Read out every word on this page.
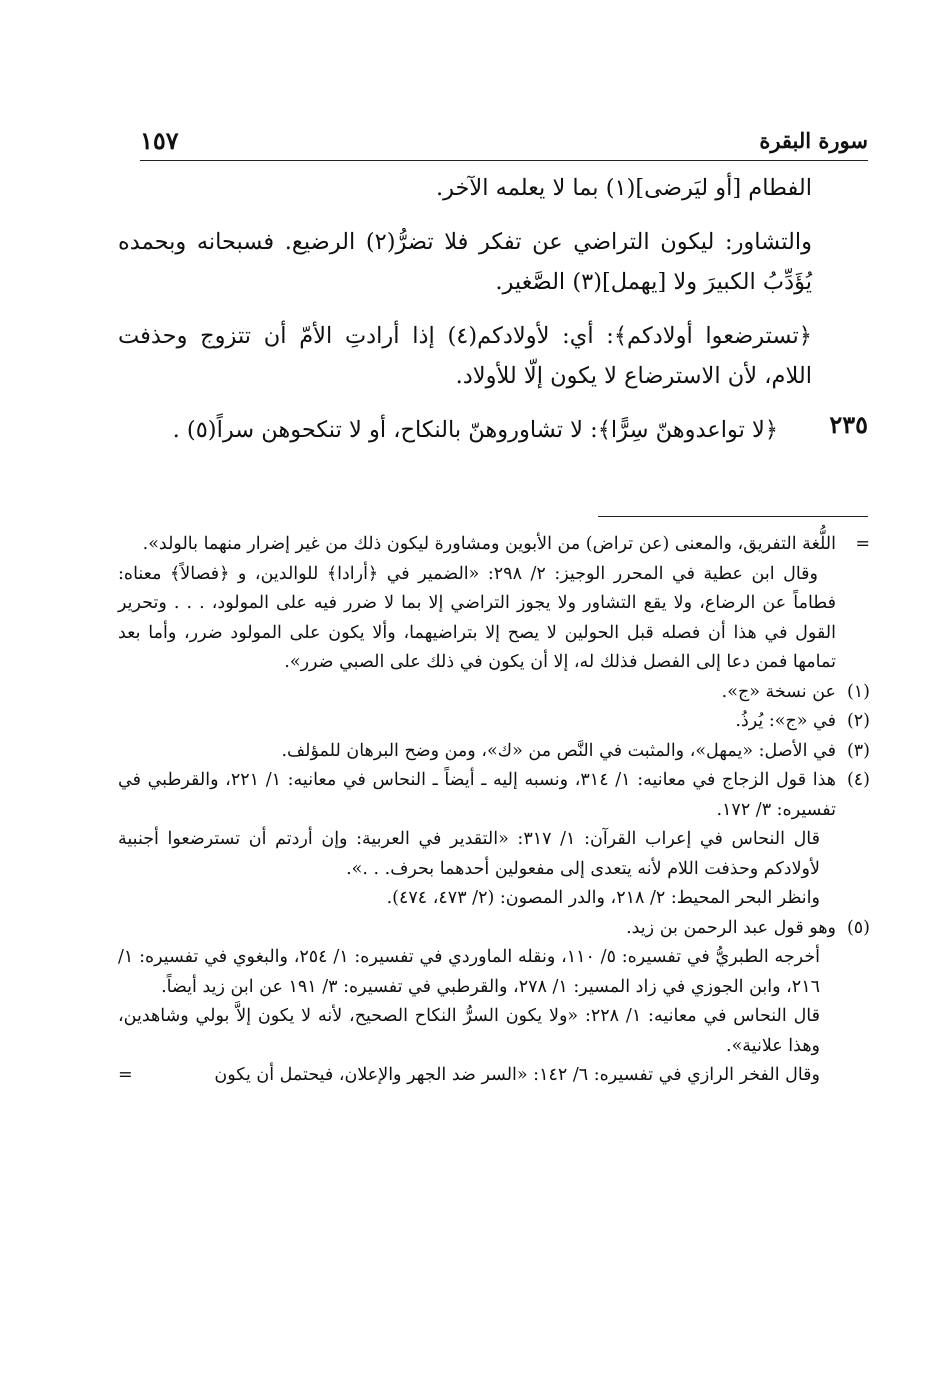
سورة البقرة
١٥٧

الفطام [أو ليَرضى](١) بما لا يعلمه الآخر.

والتشاور: ليكون التراضي عن تفكر فلا تضرُّ(٢) الرضيع. فسبحانه وبحمده يُؤَدِّبُ الكبيرَ ولا [يهمل](٣) الصَّغير.

﴿تسترضعوا أولادكم﴾: أي: لأولادكم(٤) إذا أرادتِ الأمّ أن تتزوج وحذفت اللام، لأن الاسترضاع لا يكون إلّا للأولاد.

٢٣٥

﴿لا تواعدوهنّ سِرًّا﴾: لا تشاوروهنّ بالنكاح، أو لا تنكحوهن سراً(٥) .

=
اللُّغة التفريق، والمعنى (عن تراض) من الأبوين ومشاورة ليكون ذلك من غير إضرار منهما بالولد».

وقال ابن عطية في المحرر الوجيز: ٢/ ٢٩٨: «الضمير في ﴿أرادا﴾ للوالدين، و ﴿فصالاً﴾ معناه: فطاماً عن الرضاع، ولا يقع التشاور ولا يجوز التراضي إلا بما لا ضرر فيه على المولود، . . . وتحرير القول في هذا أن فصله قبل الحولين لا يصح إلا بتراضيهما، وألا يكون على المولود ضرر، وأما بعد تمامها فمن دعا إلى الفصل فذلك له، إلا أن يكون في ذلك على الصبي ضرر».

(١)
عن نسخة «ج».
(٢)
في «ج»: يُرذُ.
(٣)
في الأصل: «يمهل»، والمثبت في النَّص من «ك»، ومن وضح البرهان للمؤلف.
(٤)
هذا قول الزجاج في معانيه: ١/ ٣١٤، ونسبه إليه ـ أيضاً ـ النحاس في معانيه: ١/ ٢٢١، والقرطبي في تفسيره: ٣/ ١٧٢.

قال النحاس في إعراب القرآن: ١/ ٣١٧: «التقدير في العربية: وإن أردتم أن تسترضعوا أجنبية لأولادكم وحذفت اللام لأنه يتعدى إلى مفعولين أحدهما بحرف. . .».

وانظر البحر المحيط: ٢/ ٢١٨، والدر المصون: (٢/ ٤٧٣، ٤٧٤).

(٥)
وهو قول عبد الرحمن بن زيد.

أخرجه الطبريُّ في تفسيره: ٥/ ١١٠، ونقله الماوردي في تفسيره: ١/ ٢٥٤، والبغوي في تفسيره: ١/ ٢١٦، وابن الجوزي في زاد المسير: ١/ ٢٧٨، والقرطبي في تفسيره: ٣/ ١٩١ عن ابن زيد أيضاً.

قال النحاس في معانيه: ١/ ٢٢٨: «ولا يكون السرُّ النكاح الصحيح، لأنه لا يكون إلاَّ بولي وشاهدين، وهذا علانية».

=	وقال الفخر الرازي في تفسيره: ٦/ ١٤٢: «السر ضد الجهر والإعلان، فيحتمل أن يكون
